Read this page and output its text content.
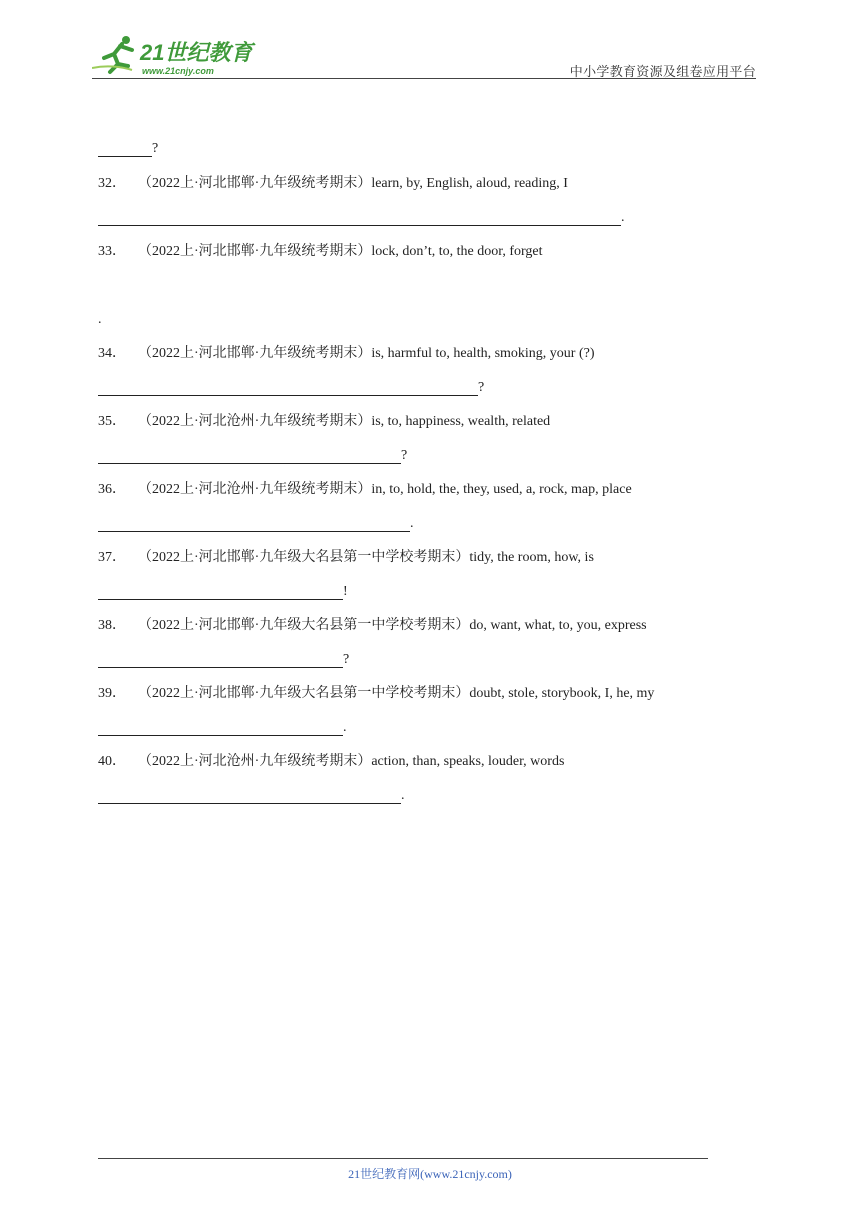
21世纪教育
www.21cnjy.com	中小学教育资源及组卷应用平台
?
32． （2022上·河北邯郸·九年级统考期末）learn, by, English, aloud, reading, I
.
33． （2022上·河北邯郸·九年级统考期末）lock, don’t, to, the door, forget
.
34． （2022上·河北邯郸·九年级统考期末）is, harmful to, health, smoking, your (?)
?
35． （2022上·河北沧州·九年级统考期末）is, to, happiness, wealth, related
?
36． （2022上·河北沧州·九年级统考期末）in, to, hold, the, they, used, a, rock, map, place
.
37． （2022上·河北邯郸·九年级大名县第一中学校考期末）tidy, the room, how, is
!
38． （2022上·河北邯郸·九年级大名县第一中学校考期末）do, want, what, to, you, express
?
39． （2022上·河北邯郸·九年级大名县第一中学校考期末）doubt, stole, storybook, I, he, my
.
40． （2022上·河北沧州·九年级统考期末）action, than, speaks, louder, words
.
21世纪教育网(www.21cnjy.com)
